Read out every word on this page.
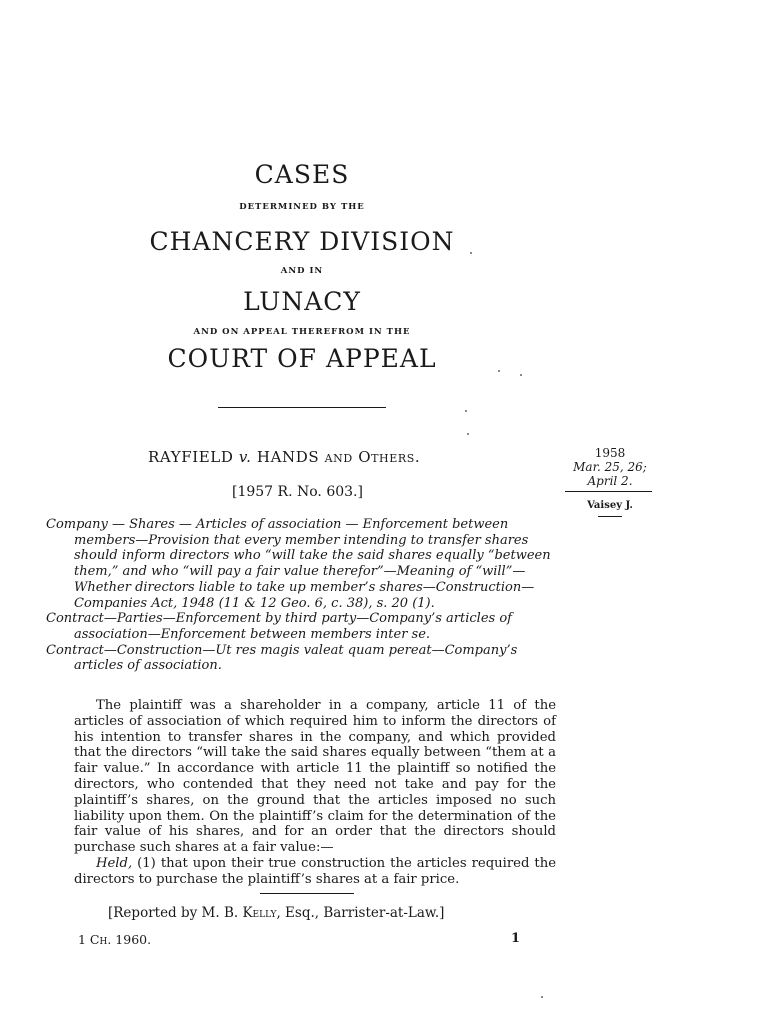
CASES
DETERMINED BY THE
CHANCERY DIVISION
AND IN
LUNACY
AND ON APPEAL THEREFROM IN THE
COURT OF APPEAL
RAYFIELD v. HANDS AND Others.
[1957 R. No. 603.]
1958
Mar. 25, 26;
April 2.
Vaisey J.

Company — Shares — Articles of association — Enforcement between members—Provision that every member intending to transfer shares should inform directors who “will take the said shares equally “between them,” and who “will pay a fair value therefor”—Meaning of “will”—Whether directors liable to take up member’s shares—Construction—Companies Act, 1948 (11 & 12 Geo. 6, c. 38), s. 20 (1).

Contract—Parties—Enforcement by third party—Company’s articles of association—Enforcement between members inter se.

Contract—Construction—Ut res magis valeat quam pereat—Company’s articles of association.

The plaintiff was a shareholder in a company, article 11 of the articles of association of which required him to inform the directors of his intention to transfer shares in the company, and which provided that the directors “will take the said shares equally between “them at a fair value.” In accordance with article 11 the plaintiff so notified the directors, who contended that they need not take and pay for the plaintiff’s shares, on the ground that the articles imposed no such liability upon them. On the plaintiff’s claim for the determination of the fair value of his shares, and for an order that the directors should purchase such shares at a fair value:—

Held, (1) that upon their true construction the articles required the directors to purchase the plaintiff’s shares at a fair price.

[Reported by M. B. Kelly, Esq., Barrister-at-Law.]
1 Ch. 1960.	1
